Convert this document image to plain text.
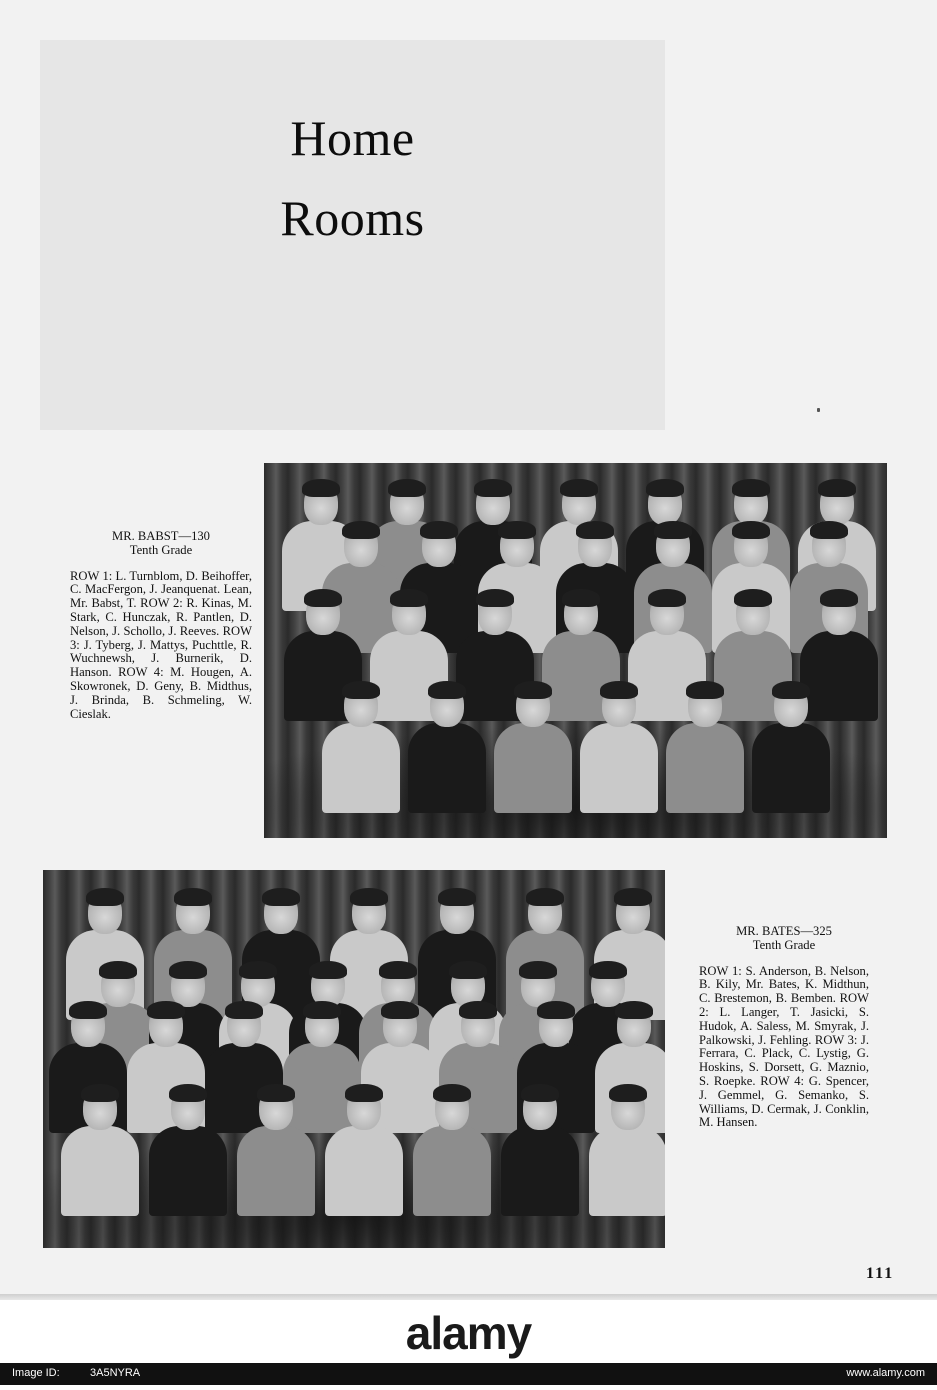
Home
Rooms
MR. BABST—130
Tenth Grade
ROW 1: L. Turnblom, D. Beihoffer, C. MacFergon, J. Jeanquenat. Lean, Mr. Babst, T. ROW 2: R. Kinas, M. Stark, C. Hunczak, R. Pantlen, D. Nelson, J. Schollo, J. Reeves. ROW 3: J. Tyberg, J. Mattys, Puchttle, R. Wuchnewsh, J. Burnerik, D. Hanson. ROW 4: M. Hougen, A. Skowronek, D. Geny, B. Midthus, J. Brinda, B. Schmeling, W. Cieslak.
MR. BATES—325
Tenth Grade
ROW 1: S. Anderson, B. Nelson, B. Kily, Mr. Bates, K. Midthun, C. Brestemon, B. Bemben. ROW 2: L. Langer, T. Jasicki, S. Hudok, A. Saless, M. Smyrak, J. Palkowski, J. Fehling. ROW 3: J. Ferrara, C. Plack, C. Lystig, G. Hoskins, S. Dorsett, G. Maznio, S. Roepke. ROW 4: G. Spencer, J. Gemmel, G. Semanko, S. Williams, D. Cermak, J. Conklin, M. Hansen.
111
alamy
Image ID:	3A5NYRA	www.alamy.com
